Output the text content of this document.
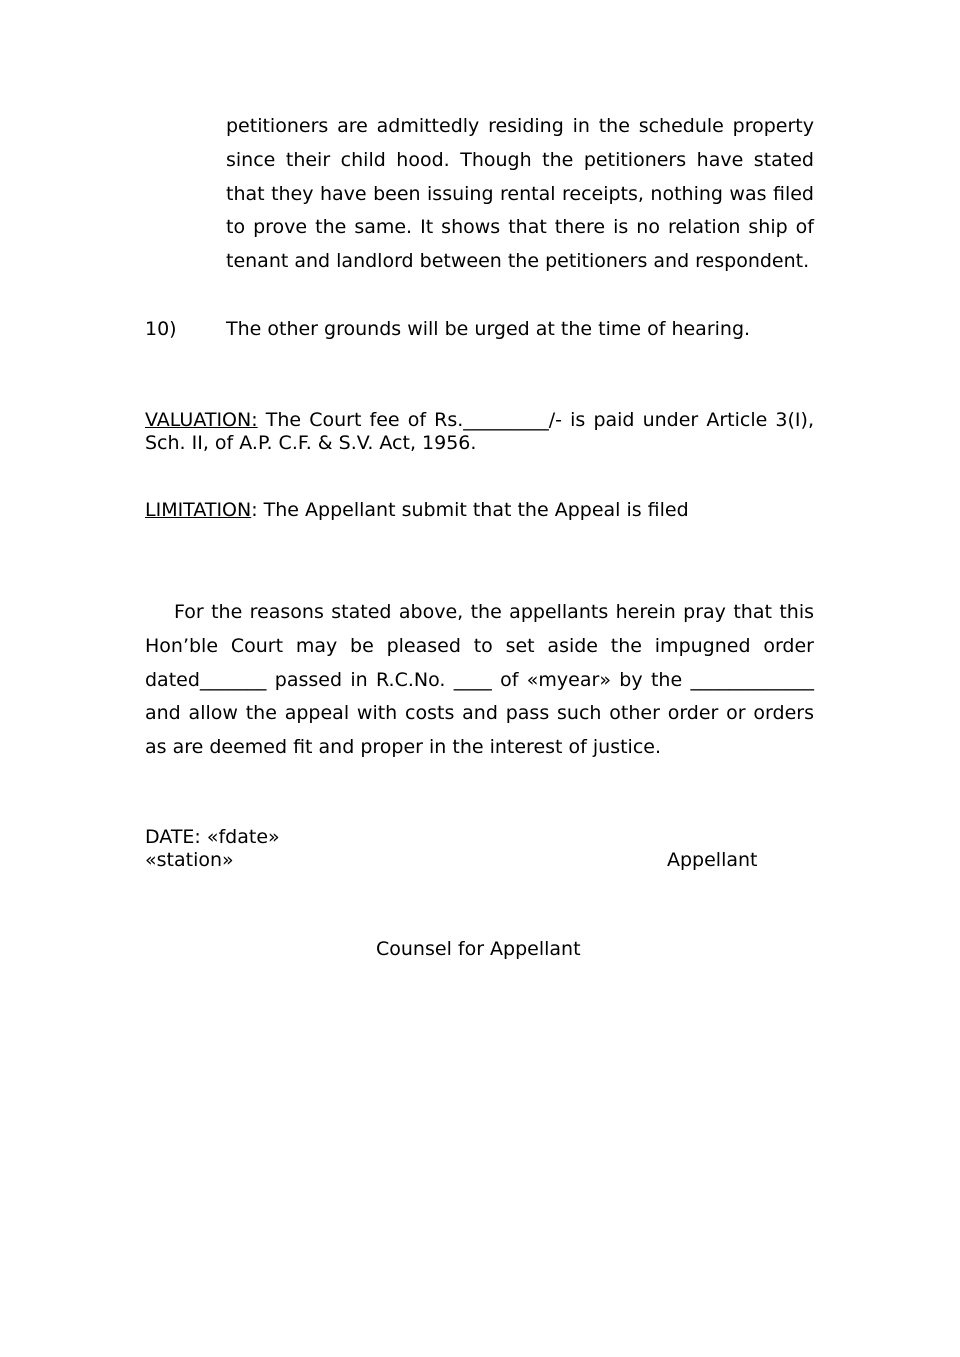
petitioners are admittedly residing in the schedule property since their child hood. Though the petitioners have stated that they have been issuing rental receipts, nothing was filed to prove the same. It shows that there is no relation ship of tenant and landlord between the petitioners and respondent.

10)	The other grounds will be urged at the time of hearing.

VALUATION: The Court fee of Rs._________/- is paid under Article 3(I), Sch. II, of A.P. C.F. & S.V. Act, 1956.

LIMITATION: The Appellant submit that the Appeal is filed

For the reasons stated above, the appellants herein pray that this Hon’ble Court may be pleased to set aside the impugned order dated_______ passed in R.C.No. ____ of «myear» by the _____________ and allow the appeal with costs and pass such other order or orders as are deemed fit and proper in the interest of justice.

DATE: «fdate»

«station»	Appellant

Counsel for Appellant
